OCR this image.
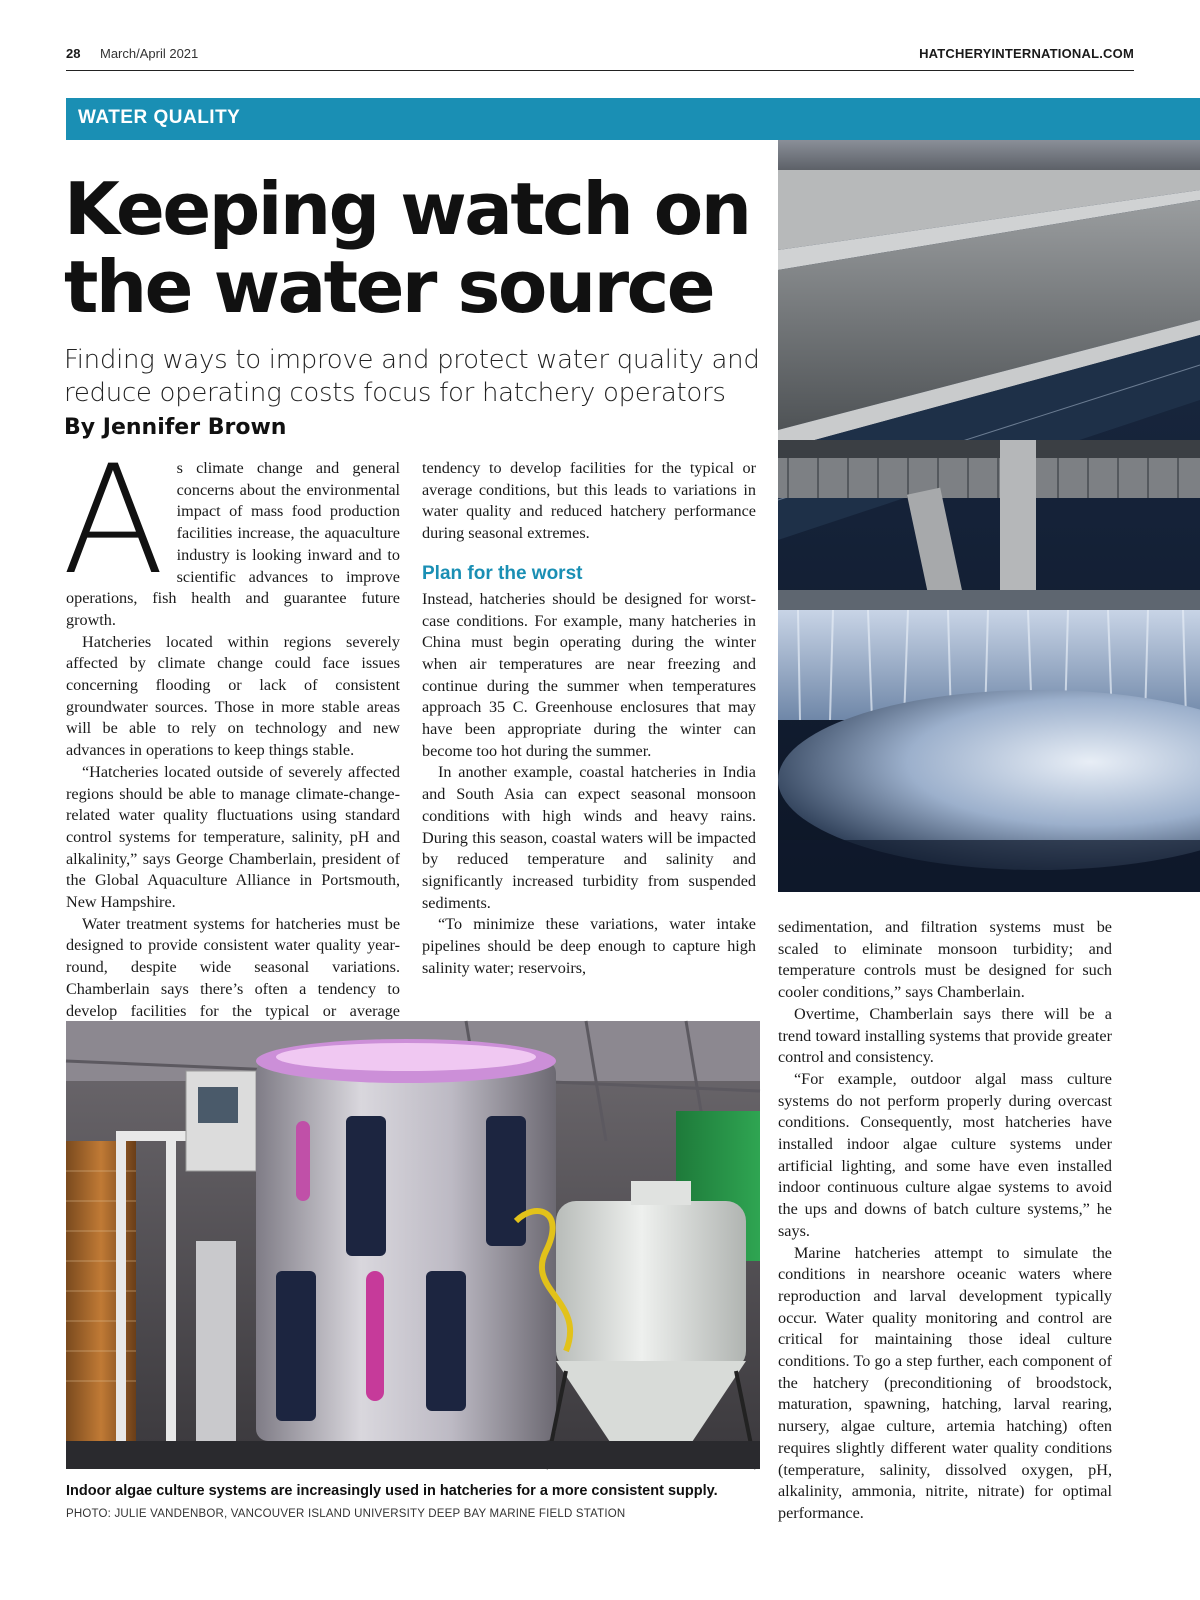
28 March/April 2021	HATCHERYINTERNATIONAL.COM
WATER QUALITY
Keeping watch on
the water source
Finding ways to improve and protect water quality and reduce operating costs focus for hatchery operators By Jennifer Brown

As climate change and general concerns about the environmental impact of mass food production facilities increase, the aquaculture industry is looking inward and to scientific advances to improve operations, fish health and guarantee future growth.

Hatcheries located within regions severely affected by climate change could face issues concerning flooding or lack of consistent groundwater sources. Those in more stable areas will be able to rely on technology and new advances in operations to keep things stable.

“Hatcheries located outside of severely affected regions should be able to manage climate-change-related water quality fluctuations using standard control systems for temperature, salinity, pH and alkalinity,” says George Chamberlain, president of the Global Aquaculture Alliance in Portsmouth, New Hampshire.

Water treatment systems for hatcheries must be designed to provide consistent water quality year-round, despite wide seasonal variations. Chamberlain says there’s often a tendency to develop facilities for the typical or average

tendency to develop facilities for the typical or average conditions, but this leads to variations in water quality and reduced hatchery performance during seasonal extremes.

Plan for the worst

Instead, hatcheries should be designed for worst-case conditions. For example, many hatcheries in China must begin operating during the winter when air temperatures are near freezing and continue during the summer when temperatures approach 35 C. Greenhouse enclosures that may have been appropriate during the winter can become too hot during the summer.

In another example, coastal hatcheries in India and South Asia can expect seasonal monsoon conditions with high winds and heavy rains. During this season, coastal waters will be impacted by reduced temperature and salinity and significantly increased turbidity from suspended sediments.

“To minimize these variations, water intake pipelines should be deep enough to capture high salinity water; reservoirs,

sedimentation, and filtration systems must be scaled to eliminate monsoon turbidity; and temperature controls must be designed for such cooler conditions,” says Chamberlain.

Overtime, Chamberlain says there will be a trend toward installing systems that provide greater control and consistency.

“For example, outdoor algal mass culture systems do not perform properly during overcast conditions. Consequently, most hatcheries have installed indoor algae culture systems under artificial lighting, and some have even installed indoor continuous culture algae systems to avoid the ups and downs of batch culture systems,” he says.

Marine hatcheries attempt to simulate the conditions in nearshore oceanic waters where reproduction and larval development typically occur. Water quality monitoring and control are critical for maintaining those ideal culture conditions. To go a step further, each component of the hatchery (preconditioning of broodstock, maturation, spawning, hatching, larval rearing, nursery, algae culture, artemia hatching) often requires slightly different water quality conditions (temperature, salinity, dissolved oxygen, pH, alkalinity, ammonia, nitrite, nitrate) for optimal performance.

Indoor algae culture systems are increasingly used in hatcheries for a more consistent supply.
PHOTO: JULIE VANDENBOR, VANCOUVER ISLAND UNIVERSITY DEEP BAY MARINE FIELD STATION
